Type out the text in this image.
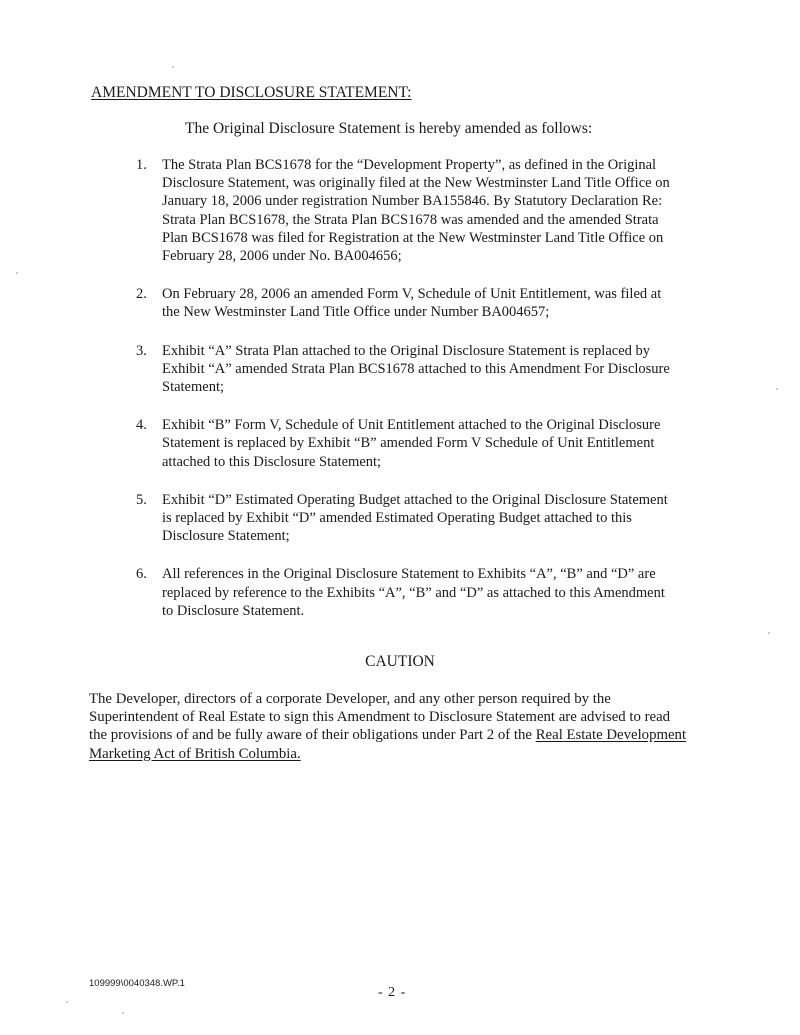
AMENDMENT TO DISCLOSURE STATEMENT:
The Original Disclosure Statement is hereby amended as follows:
1.	The Strata Plan BCS1678 for the “Development Property”, as defined in the Original Disclosure Statement, was originally filed at the New Westminster Land Title Office on January 18, 2006 under registration Number BA155846. By Statutory Declaration Re: Strata Plan BCS1678, the Strata Plan BCS1678 was amended and the amended Strata Plan BCS1678 was filed for Registration at the New Westminster Land Title Office on February 28, 2006 under No. BA004656;
2.	On February 28, 2006 an amended Form V, Schedule of Unit Entitlement, was filed at the New Westminster Land Title Office under Number BA004657;
3.	Exhibit “A” Strata Plan attached to the Original Disclosure Statement is replaced by Exhibit “A” amended Strata Plan BCS1678 attached to this Amendment For Disclosure Statement;
4.	Exhibit “B” Form V, Schedule of Unit Entitlement attached to the Original Disclosure Statement is replaced by Exhibit “B” amended Form V Schedule of Unit Entitlement attached to this Disclosure Statement;
5.	Exhibit “D” Estimated Operating Budget attached to the Original Disclosure Statement is replaced by Exhibit “D” amended Estimated Operating Budget attached to this Disclosure Statement;
6.	All references in the Original Disclosure Statement to Exhibits “A”, “B” and “D” are replaced by reference to the Exhibits “A”, “B” and “D” as attached to this Amendment to Disclosure Statement.
CAUTION
The Developer, directors of a corporate Developer, and any other person required by the Superintendent of Real Estate to sign this Amendment to Disclosure Statement are advised to read the provisions of and be fully aware of their obligations under Part 2 of the Real Estate Development Marketing Act of British Columbia.
109999\0040348.WP.1
- 2 -
